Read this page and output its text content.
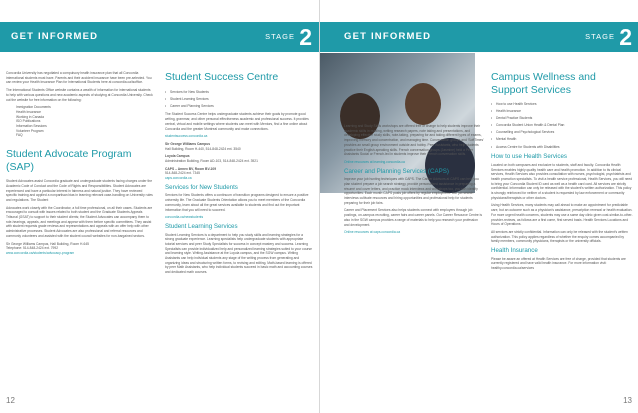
GET INFORMED	STAGE 2

Concordia University has negotiated a compulsory health insurance plan that all Concordia international students must have. Parents and their accident insurance have been pre-selected. You can review your Health Insurance Plan for International Students here at concordia.ca/isoffice.

The International Students Office website contains a wealth of information for international students to help with various questions and new academic aspects of studying at Concordia University. Check out the website for free information on the following:

Immigration Documents
Health Insurance
Working in Canada
ISO Publications
Information Sessions
Volunteer Program
FAQ
Student Advocate Program (SAP)

Student Advocates assist Concordia graduate and undergraduate students facing charges under the Academic Code of Conduct and the Code of Rights and Responsibilities. Student Advocates are experienced and have a particular interest in fairness and natural justice. They have reviewed specific training and applied a nonpartisan bias in learning relevant case-handling on University rules and regulations. The Student

Advocates work closely with the Coordinator, a full time professional, on all their cases. Students are encouraged to consult with issues related to both student and the Graduate Students Appeals Tribunal (GSAT) to support to their student clients; the Student Advocates can accompany them to role-hearings, appeals, and meetings and appear with them before specific committees. They assist with student requests grade reviews and representations and appeals with an offer help with other administrative processes. Student Advocates are also professional and referral resources and commonly volunteers and assisted with the student council websites for non-bargained sectors.

Sir George Williams Campus, Hall Building, Room H-645

Telephone: 514-848-2424 ext. 7992

www.concordia.ca/students/advocacy-program

Student Success Centre
• Services for New Students
• Student Learning Services
• Career and Planning Services

The Student Success Centre helps undergraduate students achieve their goals by promote good writing, grammar, and other personal effectiveness academic and professional success. It provides central, virtual and mobile settings where students can meet with Mentors, find a fine online about Concordia and the greater Montreal community and make connections.

studentsuccess.concordia.ca

Sir George Williams Campus

Hall Building, Room H-440, 514-848-2424 ext. 3540

Loyola Campus

Administration Building, Room AD-103, 514-848-2424 ext. 3921

CAPS – Annex BV, Room BV-109

514-848-2424 ext. 7345

caps.concordia.ca

Services for New Students

Services for New Students offers a continuum of transition programs designed to ensure a positive university life. The Graduate Students Orientation allows you to meet members of the Concordia community, learn about all the great services available to students and find out the important information that you will need to succeed.

concordia.ca/newstudents

Student Learning Services

Student Learning Services is a department to help you study skills and learning strategies for a strong graduate experience. Learning specialists help undergraduate students with appropriate tutorial services and peer Study Specialists for success in concept mastery and success. Learning Specialists can provide individualized help and personalized learning strategies suited to your course and learning style. Writing Assistance at the Loyola campus, and the SGW campus. Writing Assistants can help individual students any stage of the writing process from generating and organizing ideas and structuring written forms, to revising and editing. Math-based learning is offered by peer Math Assistants, who help individual students succeed in basic math and accounting courses and dedicated math courses.

12
GET INFORMED	STAGE 2

Learning and Study Skills workshops are offered free of charge to help students improve their academic skills in reading, writing research papers, note taking and presentations, and developing effective study skills, note-taking, preparing for and taking different types of exams, improving memory and concentration, and managing time. Conversation groups and ‘SoftTimes’ provides an small group environment outside and hobby. Peer Assistants, who help students practice their English-speaking skills. French conversation groups (Jasmine) held a Peer Assistants Social or French-led in students improve their French conversation skills.

Online resources at learning.concordia.ca

Career and Planning Services (CAPS)

Improve your job hunting techniques with CAPS. The Career Advisors at CAPS can help you plan student prepare a job search strategy, provide personalized assistance in preparing a résumé and cover letters, and practice mock interviews and workshops too, you can identify opportunities. Each month CAPS posts job offers by regular employment. Our job search interviews cultivate resources and hiring opportunities and professional help for students preparing for their job fairs.

Career and Placement Services also helps students connect with employers through job postings, on-campus recruiting, career fairs and career panels. Our Career Resource Centre is also in the SGW campus provides a range of materials to help you research your profession and development.

Online resources at caps.concordia.ca

Campus Wellness and Support Services
• How to use Health Services
• Health Insurance
• Dental Practice Students
• Concordia Student Union Health & Dental Plan
• Counselling and Psychological Services
• Mental Health
• Access Centre for Students with Disabilities
How to use Health Services

Located on both campuses and exclusive to students, staff and faculty. Concordia Health Services enables highly quality health care and health promotion. In addition to its clinical services, Health Services also provides consultation with nurses, psychologist, psychiatrists and health promotion specialists. To visit a health service professional, Health Services, you will need to bring your Concordia Student ID card as well as a health card card. All services are strictly confidential. Information can only be released with the student’s written authorization. This policy is strongly reinforced for neither of a student is requested by law enforcement or community physicians/therapists or other doctors.

Using Health Services, many students may call ahead to make an appointment for predictable care, but an outcome such as a physician’s assistance, prescription renewal or health evaluation. For more urgent health concerns, students may use a same day clinic given cost-similar-to-other-provider-reviews, as follows are a first come, first served basis. Health Services Locations and Hours of Operations.

All services are strictly confidential. Information can only be released with the student’s written authorization. This policy applies regardless of whether the enquiry comes accompanied by family members, community physicians, therapists or the university officials.

Health Insurance

Please be aware an offered at Health Services are free of charge, provided that students are currently registered and have valid health insurance. For more information visit: healthy.concordia.ca/services

13
